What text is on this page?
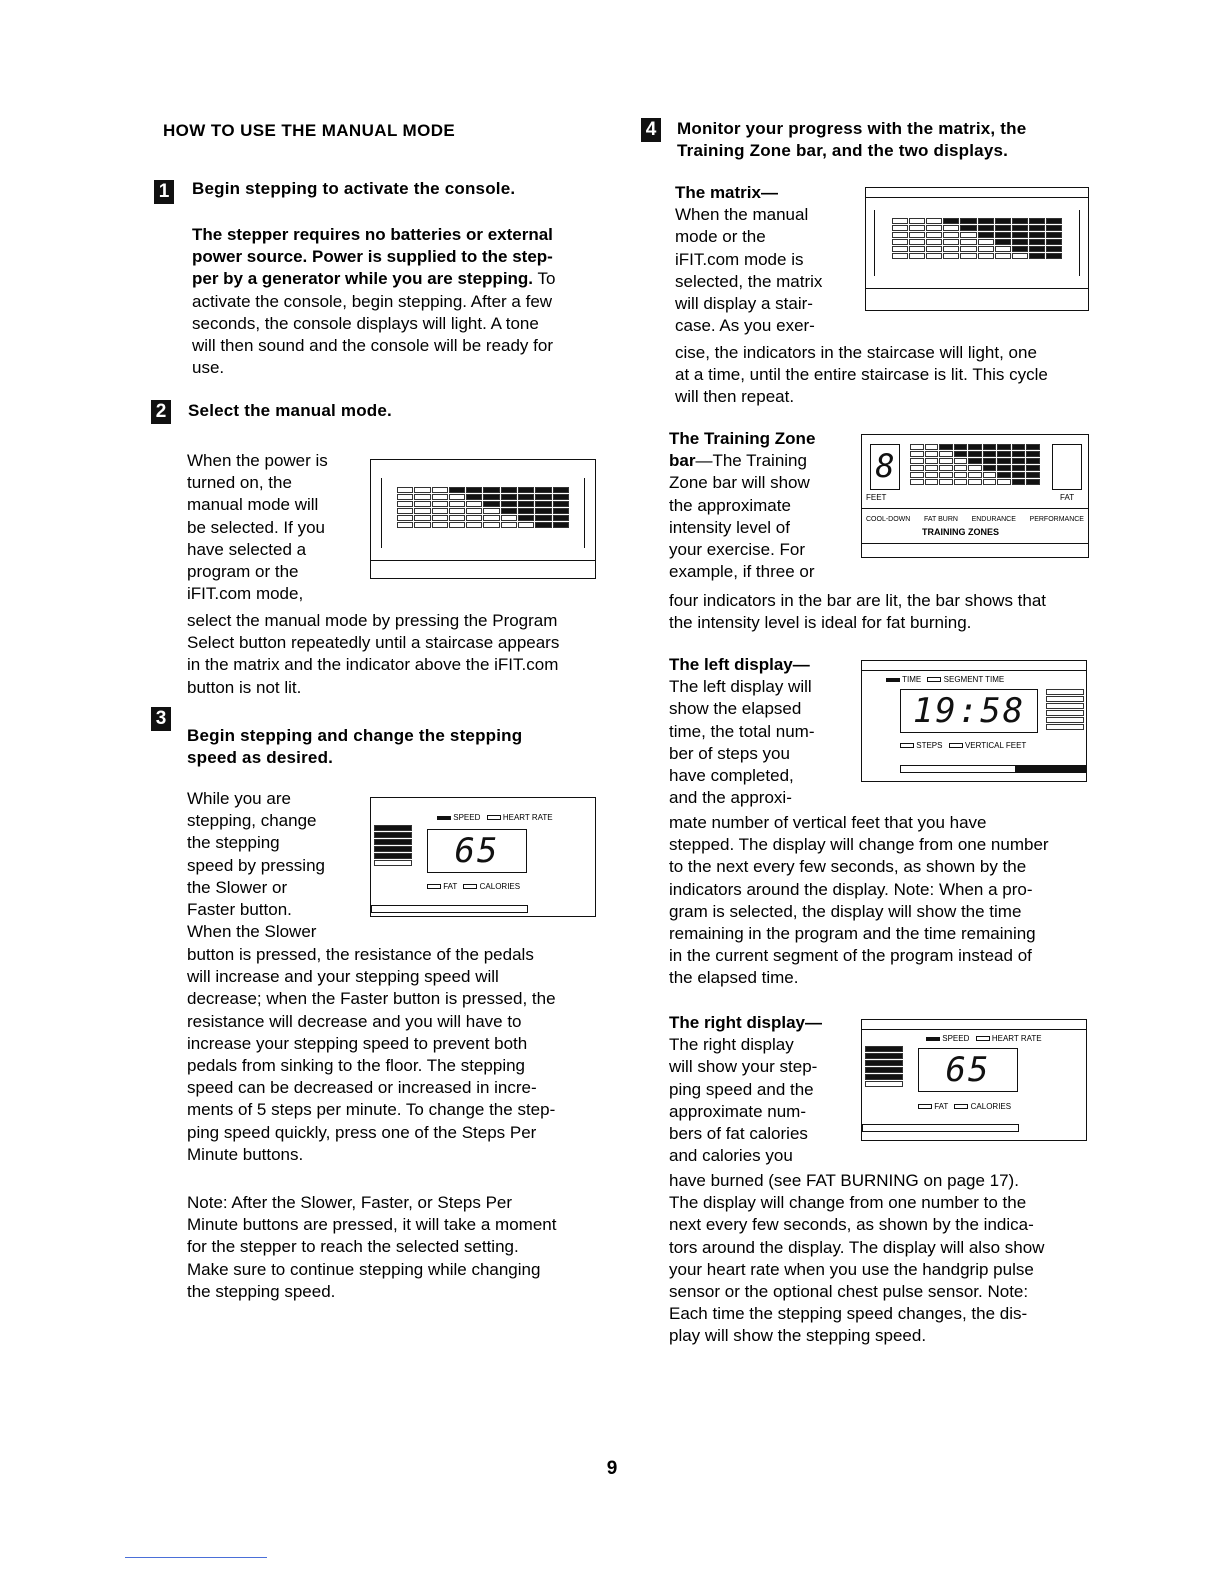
HOW TO USE THE MANUAL MODE
1 Begin stepping to activate the console.
The stepper requires no batteries or external
power source. Power is supplied to the step-
per by a generator while you are stepping. To
activate the console, begin stepping. After a few
seconds, the console displays will light. A tone
will then sound and the console will be ready for
use.
2 Select the manual mode.
When the power is
turned on, the
manual mode will
be selected. If you
have selected a
program or the
iFIT.com mode,
select the manual mode by pressing the Program
Select button repeatedly until a staircase appears
in the matrix and the indicator above the iFIT.com
button is not lit.
3
Begin stepping and change the stepping
speed as desired.
While you are
stepping, change
the stepping
speed by pressing
the Slower or
Faster button.
When the Slower
button is pressed, the resistance of the pedals
will increase and your stepping speed will
decrease; when the Faster button is pressed, the
resistance will decrease and you will have to
increase your stepping speed to prevent both
pedals from sinking to the floor. The stepping
speed can be decreased or increased in incre-
ments of 5 steps per minute. To change the step-
ping speed quickly, press one of the Steps Per
Minute buttons.
Note: After the Slower, Faster, or Steps Per
Minute buttons are pressed, it will take a moment
for the stepper to reach the selected setting.
Make sure to continue stepping while changing
the stepping speed.
SPEED	HEART RATE
65
FAT	CALORIES
4 Monitor your progress with the matrix, the
Training Zone bar, and the two displays.
The matrix—
When the manual
mode or the
iFIT.com mode is
selected, the matrix
will display a stair-
case. As you exer-
cise, the indicators in the staircase will light, one
at a time, until the entire staircase is lit. This cycle
will then repeat.
The Training Zone
bar—The Training
Zone bar will show
the approximate
intensity level of
your exercise. For
example, if three or
four indicators in the bar are lit, the bar shows that
the intensity level is ideal for fat burning.
8
FEET	FAT
COOL-DOWN FAT BURN ENDURANCE PERFORMANCE
TRAINING ZONES
The left display—
The left display will
show the elapsed
time, the total num-
ber of steps you
have completed,
and the approxi-
mate number of vertical feet that you have
stepped. The display will change from one number
to the next every few seconds, as shown by the
indicators around the display. Note: When a pro-
gram is selected, the display will show the time
remaining in the program and the time remaining
in the current segment of the program instead of
the elapsed time.
TIME	SEGMENT TIME
19:58
STEPS	VERTICAL FEET
The right display—
The right display
will show your step-
ping speed and the
approximate num-
bers of fat calories
and calories you
have burned (see FAT BURNING on page 17).
The display will change from one number to the
next every few seconds, as shown by the indica-
tors around the display. The display will also show
your heart rate when you use the handgrip pulse
sensor or the optional chest pulse sensor. Note:
Each time the stepping speed changes, the dis-
play will show the stepping speed.
SPEED	HEART RATE
65
FAT	CALORIES
9
